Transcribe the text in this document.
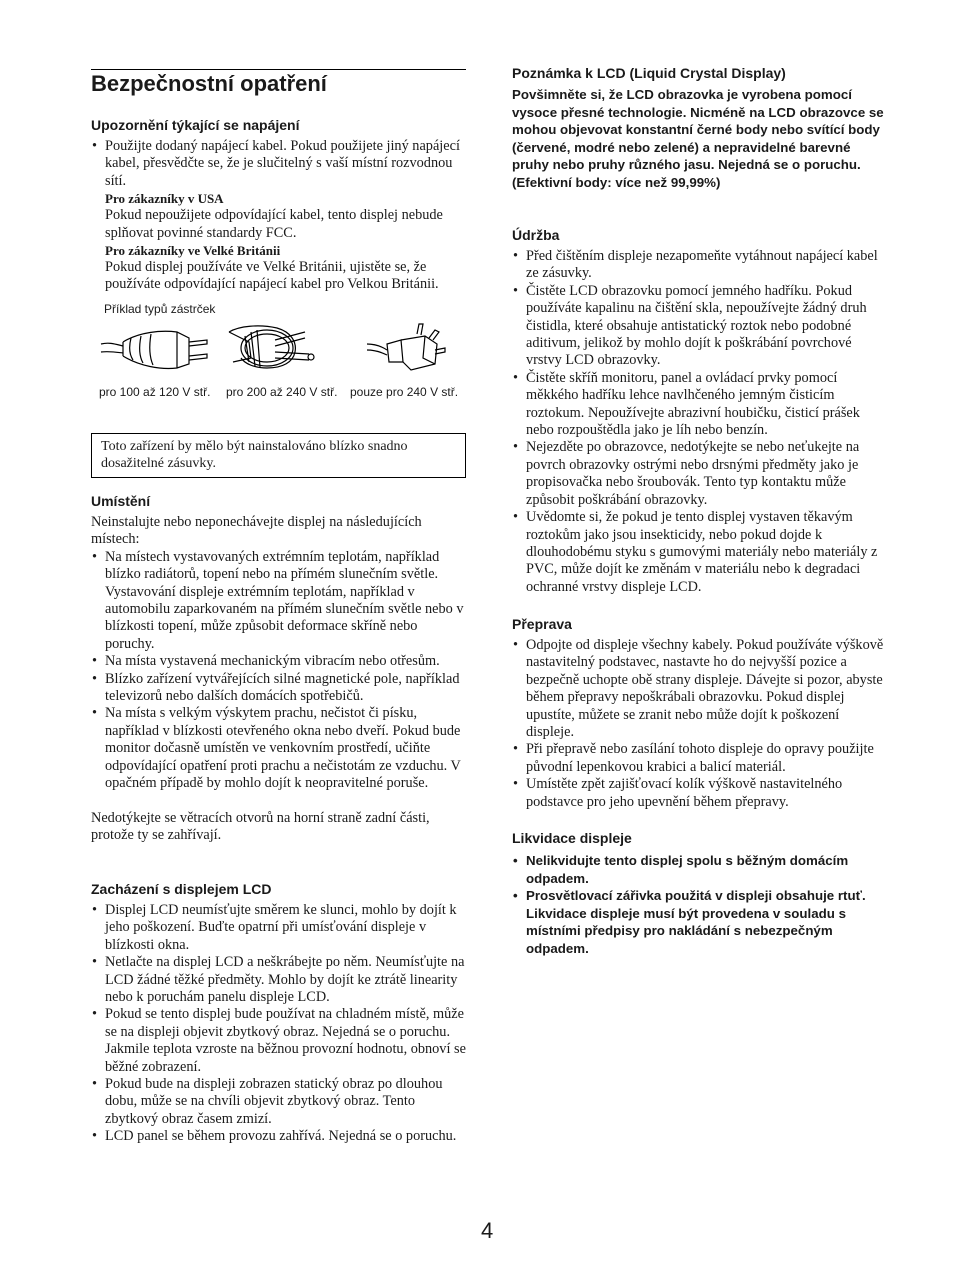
Bezpečnostní opatření
Upozornění týkající se napájení
• Použijte dodaný napájecí kabel. Pokud použijete jiný napájecí kabel, přesvědčte se, že je slučitelný s vaší místní rozvodnou sítí.
Pro zákazníky v USA
Pokud nepoužijete odpovídající kabel, tento displej nebude splňovat povinné standardy FCC.
Pro zákazníky ve Velké Británii
Pokud displej používáte ve Velké Británii, ujistěte se, že používáte odpovídající napájecí kabel pro Velkou Británii.
Příklad typů zástrček
pro 100 až 120 V stř. pro 200 až 240 V stř. pouze pro 240 V stř.
Toto zařízení by mělo být nainstalováno blízko snadno dosažitelné zásuvky.
Umístění
Neinstalujte nebo neponechávejte displej na následujících místech:
• Na místech vystavovaných extrémním teplotám, například blízko radiátorů, topení nebo na přímém slunečním světle. Vystavování displeje extrémním teplotám, například v automobilu zaparkovaném na přímém slunečním světle nebo v blízkosti topení, může způsobit deformace skříně nebo poruchy.
• Na místa vystavená mechanickým vibracím nebo otřesům.
• Blízko zařízení vytvářejících silné magnetické pole, například televizorů nebo dalších domácích spotřebičů.
• Na místa s velkým výskytem prachu, nečistot či písku, například v blízkosti otevřeného okna nebo dveří. Pokud bude monitor dočasně umístěn ve venkovním prostředí, učiňte odpovídající opatření proti prachu a nečistotám ze vzduchu. V opačném případě by mohlo dojít k neopravitelné poruše.
Nedotýkejte se větracích otvorů na horní straně zadní části, protože ty se zahřívají.
Zacházení s displejem LCD
• Displej LCD neumísťujte směrem ke slunci, mohlo by dojít k jeho poškození. Buďte opatrní při umísťování displeje v blízkosti okna.
• Netlačte na displej LCD a neškrábejte po něm. Neumísťujte na LCD žádné těžké předměty. Mohlo by dojít ke ztrátě linearity nebo k poruchám panelu displeje LCD.
• Pokud se tento displej bude používat na chladném místě, může se na displeji objevit zbytkový obraz. Nejedná se o poruchu. Jakmile teplota vzroste na běžnou provozní hodnotu, obnoví se běžné zobrazení.
• Pokud bude na displeji zobrazen statický obraz po dlouhou dobu, může se na chvíli objevit zbytkový obraz. Tento zbytkový obraz časem zmizí.
• LCD panel se během provozu zahřívá. Nejedná se o poruchu.
Poznámka k LCD (Liquid Crystal Display)
Povšimněte si, že LCD obrazovka je vyrobena pomocí vysoce přesné technologie. Nicméně na LCD obrazovce se mohou objevovat konstantní černé body nebo svítící body (červené, modré nebo zelené) a nepravidelné barevné pruhy nebo pruhy různého jasu. Nejedná se o poruchu.
(Efektivní body: více než 99,99%)
Údržba
• Před čištěním displeje nezapomeňte vytáhnout napájecí kabel ze zásuvky.
• Čistěte LCD obrazovku pomocí jemného hadříku. Pokud používáte kapalinu na čištění skla, nepoužívejte žádný druh čistidla, které obsahuje antistatický roztok nebo podobné aditivum, jelikož by mohlo dojít k poškrábání povrchové vrstvy LCD obrazovky.
• Čistěte skříň monitoru, panel a ovládací prvky pomocí měkkého hadříku lehce navlhčeného jemným čisticím roztokum. Nepoužívejte abrazivní houbičku, čisticí prášek nebo rozpouštědla jako je líh nebo benzín.
• Nejezděte po obrazovce, nedotýkejte se nebo neťukejte na povrch obrazovky ostrými nebo drsnými předměty jako je propisovačka nebo šroubovák. Tento typ kontaktu může způsobit poškrábání obrazovky.
• Uvědomte si, že pokud je tento displej vystaven těkavým roztokům jako jsou insekticidy, nebo pokud dojde k dlouhodobému styku s gumovými materiály nebo materiály z PVC, může dojít ke změnám v materiálu nebo k degradaci ochranné vrstvy displeje LCD.
Přeprava
• Odpojte od displeje všechny kabely. Pokud používáte výškově nastavitelný podstavec, nastavte ho do nejvyšší pozice a bezpečně uchopte obě strany displeje. Dávejte si pozor, abyste během přepravy nepoškrábali obrazovku. Pokud displej upustíte, můžete se zranit nebo může dojít k poškození displeje.
• Při přepravě nebo zasílání tohoto displeje do opravy použijte původní lepenkovou krabici a balicí materiál.
• Umístěte zpět zajišťovací kolík výškově nastavitelného podstavce pro jeho upevnění během přepravy.
Likvidace displeje
• Nelikvidujte tento displej spolu s běžným domácím odpadem.
• Prosvětlovací zářivka použitá v displeji obsahuje rtuť. Likvidace displeje musí být provedena v souladu s místními předpisy pro nakládání s nebezpečným odpadem.
4
